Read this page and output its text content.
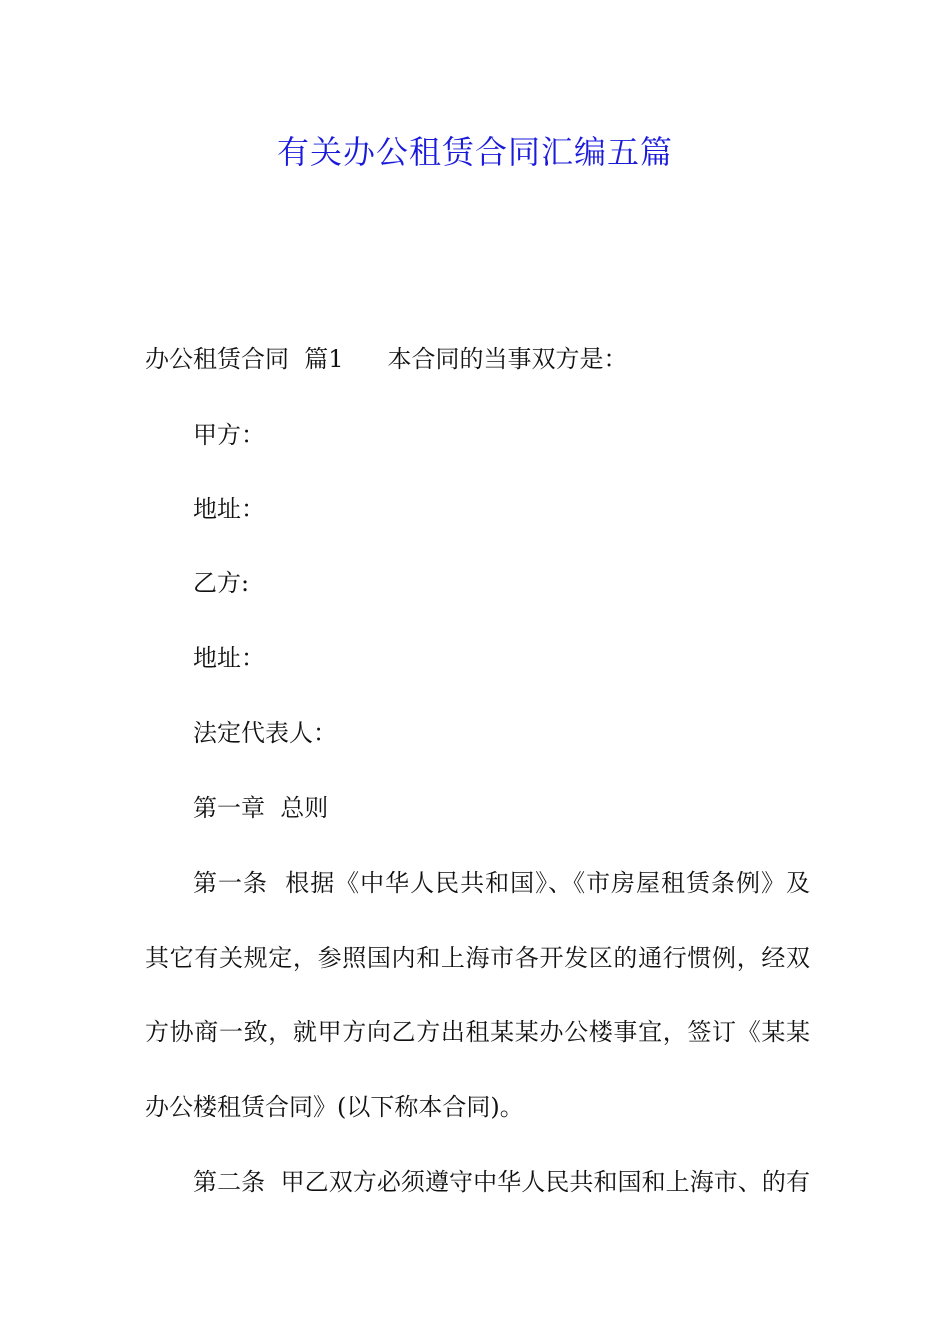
有关办公租赁合同汇编五篇
办公租赁合同  篇1 本合同的当事双方是：
甲方：
地址：
乙方:
地址：
法定代表人：
第一章  总则
第一条  根据《中华人民共和国》、《市房屋租赁条例》及
其它有关规定，参照国内和上海市各开发区的通行惯例，经双
方协商一致，就甲方向乙方出租某某办公楼事宜，签订《某某
办公楼租赁合同》(以下称本合同)。
第二条  甲乙双方必须遵守中华人民共和国和上海市、的有
